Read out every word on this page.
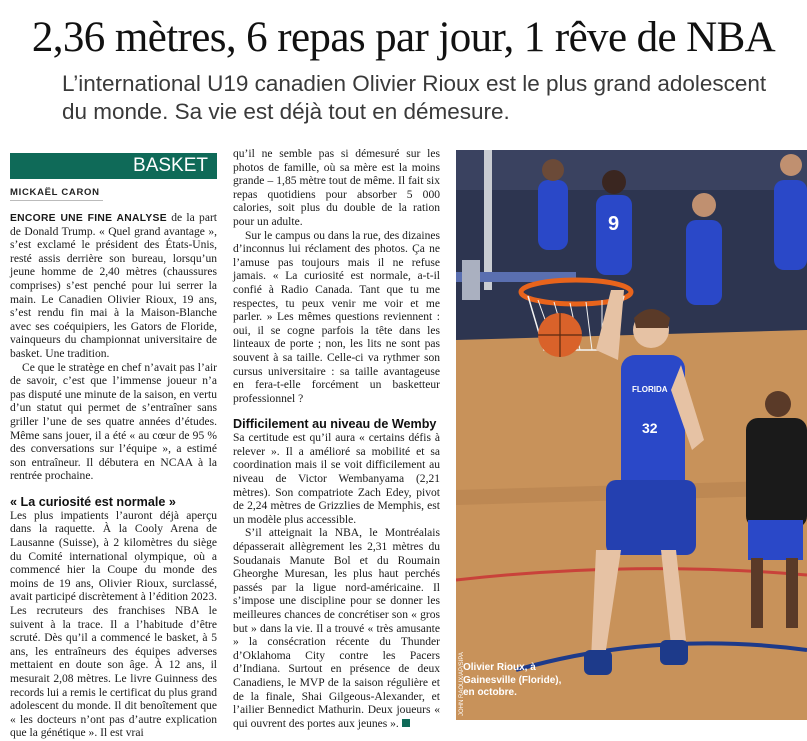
2,36 mètres, 6 repas par jour, 1 rêve de NBA

L’international U19 canadien Olivier Rioux est le plus grand adolescent du monde. Sa vie est déjà tout en démesure.

BASKET
MICKAËL CARON

ENCORE UNE FINE ANALYSE de la part de Donald Trump. « Quel grand avantage », s’est exclamé le président des États-Unis, resté assis derrière son bureau, lorsqu’un jeune homme de 2,40 mètres (chaussures comprises) s’est penché pour lui serrer la main. Le Canadien Olivier Rioux, 19 ans, s’est rendu fin mai à la Maison-Blanche avec ses coéquipiers, les Gators de Floride, vainqueurs du championnat universitaire de basket. Une tradition.

Ce que le stratège en chef n’avait pas l’air de savoir, c’est que l’immense joueur n’a pas disputé une minute de la saison, en vertu d’un statut qui permet de s’entraîner sans griller l’une de ses quatre années d’études. Même sans jouer, il a été « au cœur de 95 % des conversations sur l’équipe », a estimé son entraîneur. Il débutera en NCAA à la rentrée prochaine.

« La curiosité est normale »

Les plus impatients l’auront déjà aperçu dans la raquette. À la Cooly Arena de Lausanne (Suisse), à 2 kilomètres du siège du Comité international olympique, où a commencé hier la Coupe du monde des moins de 19 ans, Olivier Rioux, surclassé, avait participé discrètement à l’édition 2023. Les recruteurs des franchises NBA le suivent à la trace. Il a l’habitude d’être scruté. Dès qu’il a commencé le basket, à 5 ans, les entraîneurs des équipes adverses mettaient en doute son âge. À 12 ans, il mesurait 2,08 mètres. Le livre Guinness des records lui a remis le certificat du plus grand adolescent du monde. Il dit benoîtement que « les docteurs n’ont pas d’autre explication que la génétique ». Il est vrai

qu’il ne semble pas si démesuré sur les photos de famille, où sa mère est la moins grande – 1,85 mètre tout de même. Il fait six repas quotidiens pour absorber 5 000 calories, soit plus du double de la ration pour un adulte.

Sur le campus ou dans la rue, des dizaines d’inconnus lui réclament des photos. Ça ne l’amuse pas toujours mais il ne refuse jamais. « La curiosité est normale, a-t-il confié à Radio Canada. Tant que tu me respectes, tu peux venir me voir et me parler. » Les mêmes questions reviennent : oui, il se cogne parfois la tête dans les linteaux de porte ; non, les lits ne sont pas souvent à sa taille. Celle-ci va rythmer son cursus universitaire : sa taille avantageuse en fera-t-elle forcément un basketteur professionnel ?

Difficilement au niveau de Wemby

Sa certitude est qu’il aura « certains défis à relever ». Il a amélioré sa mobilité et sa coordination mais il se voit difficilement au niveau de Victor Wembanyama (2,21 mètres). Son compatriote Zach Edey, pivot de 2,24 mètres de Grizzlies de Memphis, est un modèle plus accessible.

S’il atteignait la NBA, le Montréalais dépasserait allègrement les 2,31 mètres du Soudanais Manute Bol et du Roumain Gheorghe Muresan, les plus haut perchés passés par la ligue nord-américaine. Il s’impose une discipline pour se donner les meilleures chances de concrétiser son « gros but » dans la vie. Il a trouvé « très amusante » la consécration récente du Thunder d’Oklahoma City contre les Pacers d’Indiana. Surtout en présence de deux Canadiens, le MVP de la saison régulière et de la finale, Shai Gilgeous-Alexander, et l’ailier Bennedict Mathurin. Deux joueurs « qui ouvrent des portes aux jeunes ».

9
FLORIDA
32
Olivier Rioux, à Gainesville (Floride), en octobre.
